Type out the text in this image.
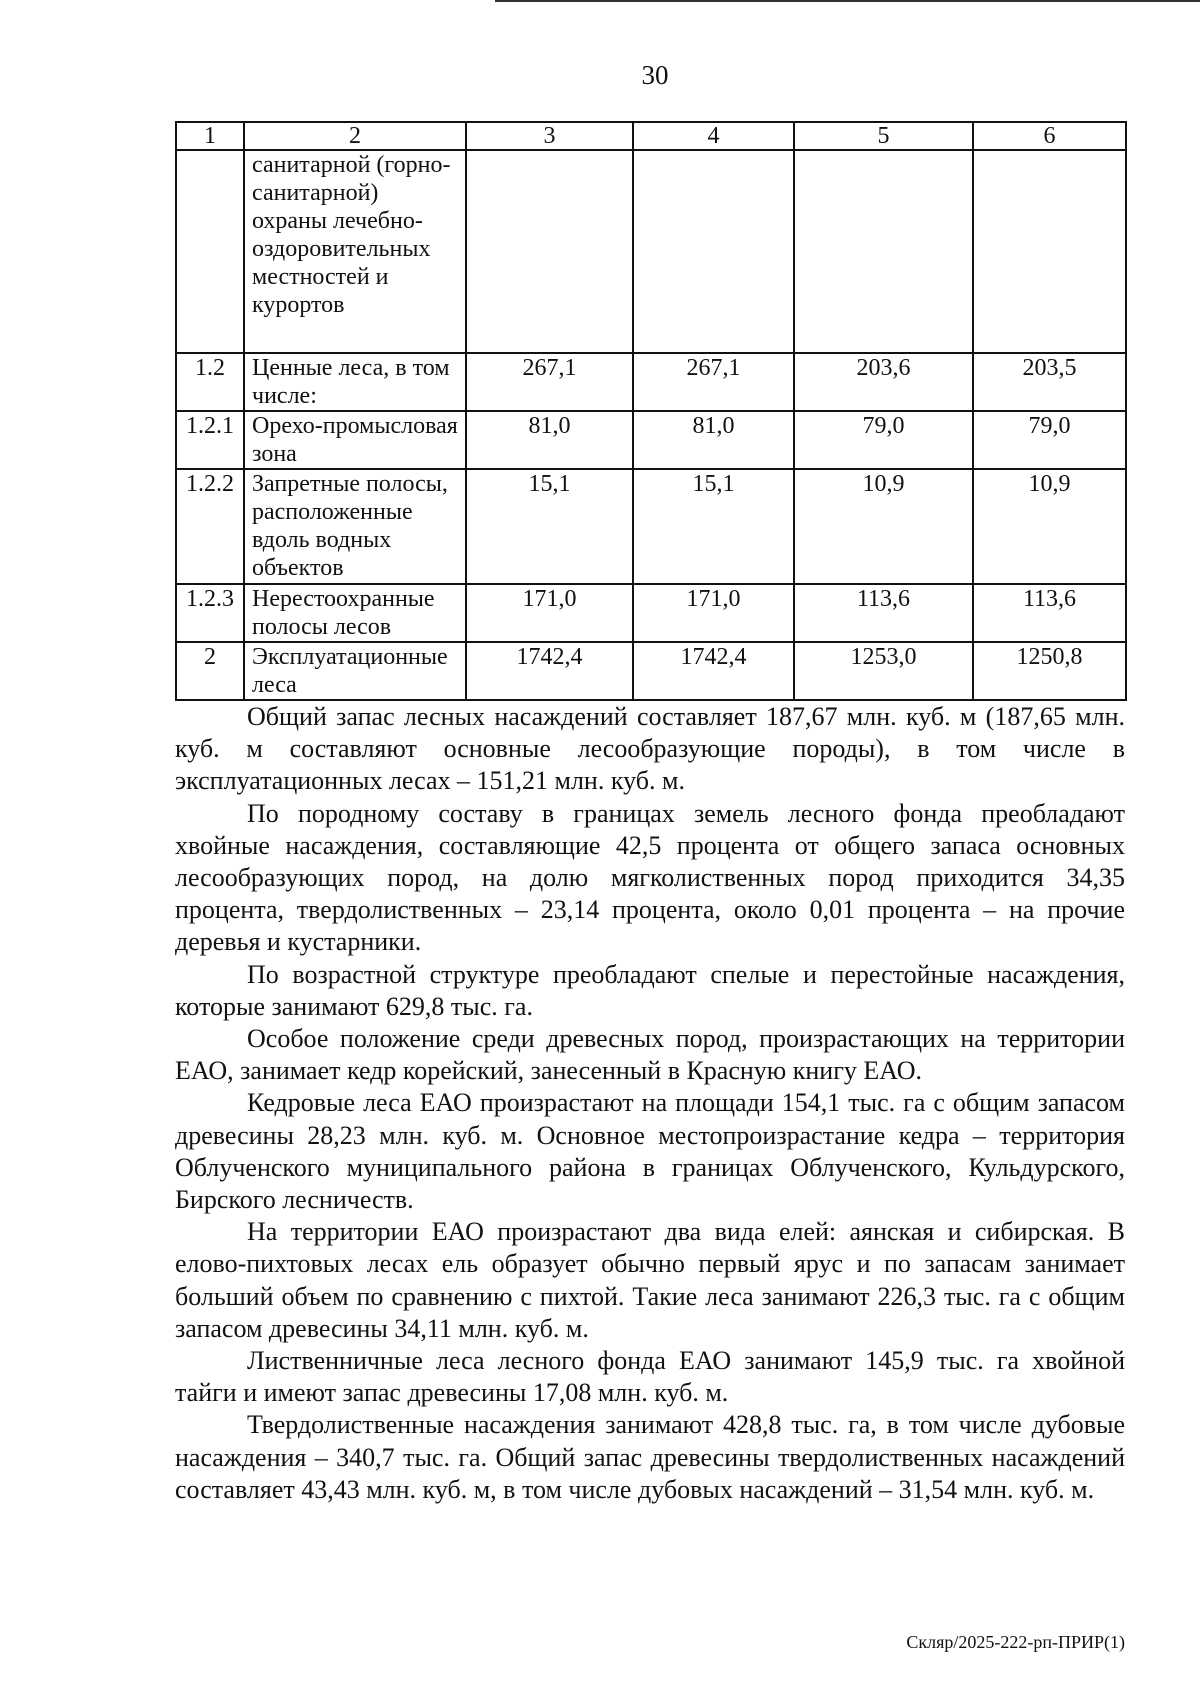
30
1	2	3	4	5	6
	санитарной (горно-санитарной) охраны лечебно-оздоровительных местностей и курортов				
1.2	Ценные леса, в том числе:	267,1	267,1	203,6	203,5
1.2.1	Орехо-промысловая зона	81,0	81,0	79,0	79,0
1.2.2	Запретные полосы, расположенные вдоль водных объектов	15,1	15,1	10,9	10,9
1.2.3	Нерестоохранные полосы лесов	171,0	171,0	113,6	113,6
2	Эксплуатационные леса	1742,4	1742,4	1253,0	1250,8

Общий запас лесных насаждений составляет 187,67 млн. куб. м (187,65 млн. куб. м составляют основные лесообразующие породы), в том числе в эксплуатационных лесах – 151,21 млн. куб. м.

По породному составу в границах земель лесного фонда преобладают хвойные насаждения, составляющие 42,5 процента от общего запаса основных лесообразующих пород, на долю мягколиственных пород приходится 34,35 процента, твердолиственных – 23,14 процента, около 0,01 процента – на прочие деревья и кустарники.

По возрастной структуре преобладают спелые и перестойные насаждения, которые занимают 629,8 тыс. га.

Особое положение среди древесных пород, произрастающих на территории ЕАО, занимает кедр корейский, занесенный в Красную книгу ЕАО.

Кедровые леса ЕАО произрастают на площади 154,1 тыс. га с общим запасом древесины 28,23 млн. куб. м. Основное местопроизрастание кедра – территория Облученского муниципального района в границах Облученского, Кульдурского, Бирского лесничеств.

На территории ЕАО произрастают два вида елей: аянская и сибирская. В елово-пихтовых лесах ель образует обычно первый ярус и по запасам занимает больший объем по сравнению с пихтой. Такие леса занимают 226,3 тыс. га с общим запасом древесины 34,11 млн. куб. м.

Лиственничные леса лесного фонда ЕАО занимают 145,9 тыс. га хвойной тайги и имеют запас древесины 17,08 млн. куб. м.

Твердолиственные насаждения занимают 428,8 тыс. га, в том числе дубовые насаждения – 340,7 тыс. га. Общий запас древесины твердолиственных насаждений составляет 43,43 млн. куб. м, в том числе дубовых насаждений – 31,54 млн. куб. м.

Скляр/2025-222-рп-ПРИР(1)
